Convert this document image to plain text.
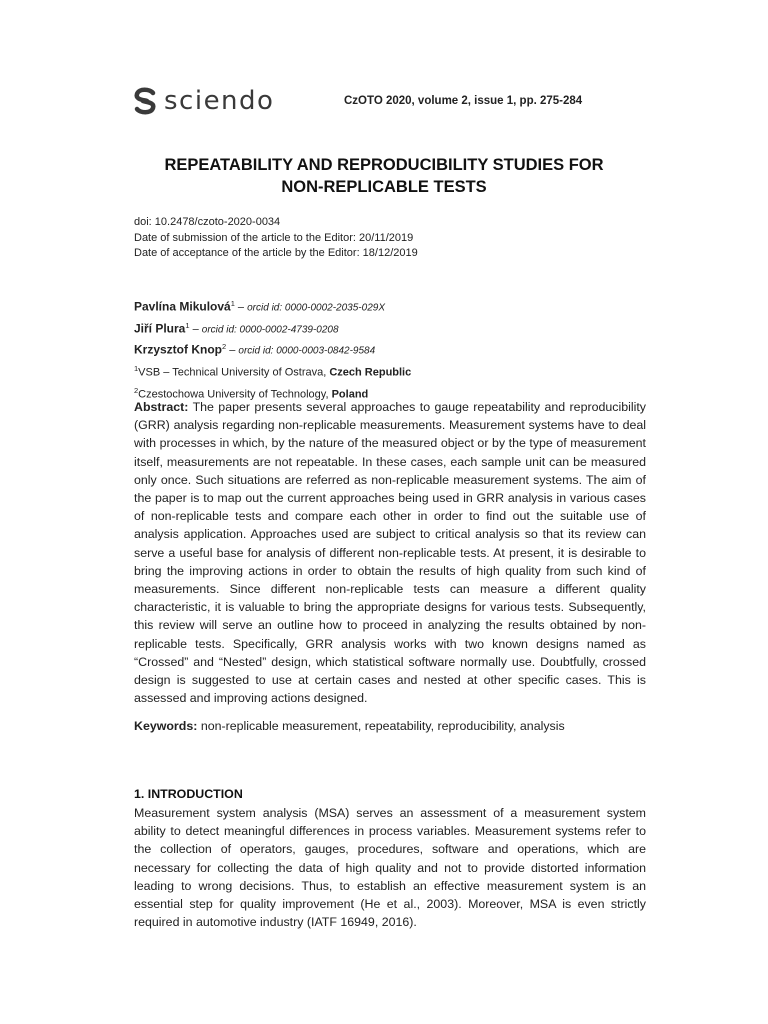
sciendo	CzOTO 2020, volume 2, issue 1, pp. 275-284
REPEATABILITY AND REPRODUCIBILITY STUDIES FOR
NON-REPLICABLE TESTS
doi: 10.2478/czoto-2020-0034
Date of submission of the article to the Editor: 20/11/2019
Date of acceptance of the article by the Editor: 18/12/2019
Pavlína Mikulová$^1$ – orcid id: 0000-0002-2035-029X
Jiří Plura$^1$ – orcid id: 0000-0002-4739-0208
Krzysztof Knop$^2$ – orcid id: 0000-0003-0842-9584
$^1$VSB – Technical University of Ostrava, Czech Republic
$^2$Czestochowa University of Technology, Poland
Abstract: The paper presents several approaches to gauge repeatability and reproducibility (GRR) analysis regarding non-replicable measurements. Measurement systems have to deal with processes in which, by the nature of the measured object or by the type of measurement itself, measurements are not repeatable. In these cases, each sample unit can be measured only once. Such situations are referred as non-replicable measurement systems. The aim of the paper is to map out the current approaches being used in GRR analysis in various cases of non-replicable tests and compare each other in order to find out the suitable use of analysis application. Approaches used are subject to critical analysis so that its review can serve a useful base for analysis of different non-replicable tests. At present, it is desirable to bring the improving actions in order to obtain the results of high quality from such kind of measurements. Since different non-replicable tests can measure a different quality characteristic, it is valuable to bring the appropriate designs for various tests. Subsequently, this review will serve an outline how to proceed in analyzing the results obtained by non-replicable tests. Specifically, GRR analysis works with two known designs named as “Crossed” and “Nested” design, which statistical software normally use. Doubtfully, crossed design is suggested to use at certain cases and nested at other specific cases. This is assessed and improving actions designed.
Keywords: non-replicable measurement, repeatability, reproducibility, analysis
1. INTRODUCTION
Measurement system analysis (MSA) serves an assessment of a measurement system ability to detect meaningful differences in process variables. Measurement systems refer to the collection of operators, gauges, procedures, software and operations, which are necessary for collecting the data of high quality and not to provide distorted information leading to wrong decisions. Thus, to establish an effective measurement system is an essential step for quality improvement (He et al., 2003). Moreover, MSA is even strictly required in automotive industry (IATF 16949, 2016).
